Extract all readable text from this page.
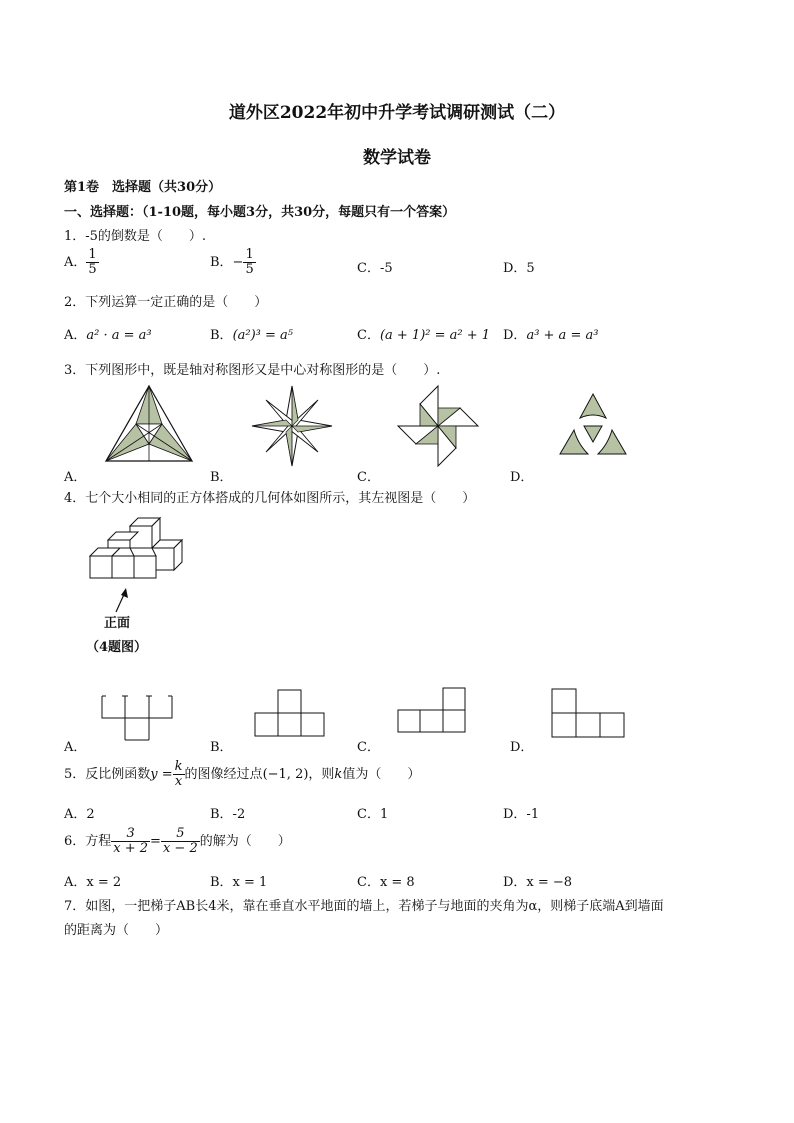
道外区2022年初中升学考试调研测试（二）
数学试卷
第1卷　选择题（共30分）
一、选择题：（1-10题，每小题3分，共30分，每题只有一个答案）
1．-5的倒数是（　　）.
A． $\frac{1}{5}$	B．− $\frac{1}{5}$	C．-5	D．5
2．下列运算一定正确的是（　　）
A．a² · a = a³	B．(a²)³ = a⁵	C．(a + 1)² = a² + 1 D．a³ + a = a³
3．下列图形中，既是轴对称图形又是中心对称图形的是（　　）.
A．	B．	C．	D．
4．七个大小相同的正方体搭成的几何体如图所示，其左视图是（　　）
正面
（4题图）
A．	B．	C．	D．
5．反比例函数$y = \frac{k}{x}$ 的图像经过点(−1, 2)，则k值为（　　）
A．2	B．-2	C．1	D．-1
6．方程 $\frac{3}{x + 2} = \frac{5}{x - 2}$ 的解为（　　）
A．x = 2	B．x = 1	C．x = 8	D．x = −8
7．如图，一把梯子AB长4米，靠在垂直水平地面的墙上，若梯子与地面的夹角为α，则梯子底端A到墙面
的距离为（　　）
